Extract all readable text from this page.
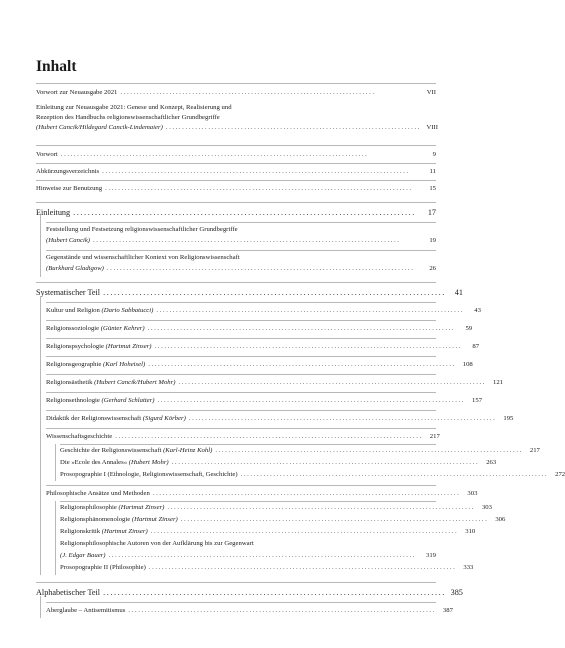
Inhalt
Vorwort zur Neuausgabe 2021 ..............................................................................	VII
Einleitung zur Neuausgabe 2021: Genese und Konzept, Realisierung und
Rezeption des Handbuchs religionswissenschaftlicher Grundbegriffe
(Hubert Cancik/Hildegard Cancik-Lindemaier) .............................................................................. VIII
Vorwort ..............................................................................................	9
Abkürzungsverzeichnis ..............................................................................................	11
Hinweise zur Benutzung ..............................................................................................	15
Einleitung ..............................................................................................	17
Feststellung und Festsetzung religionswissenschaftlicher Grundbegriffe
(Hubert Cancik) ..............................................................................................	19
Gegenstände und wissenschaftlicher Kontext von Religionswissenschaft
(Burkhard Gladigow) ..............................................................................................	26
Systematischer Teil ..............................................................................................	41
Kultur und Religion (Dario Sabbatucci) ..............................................................................................	43
Religionssoziologie (Günter Kehrer) ..............................................................................................	59
Religionspsychologie (Hartmut Zinser) ..............................................................................................	87
Religionsgeographie (Karl Hoheisel) ..............................................................................................	108
Religionsästhetik (Hubert Cancik/Hubert Mohr) ..............................................................................................	121
Religionsethnologie (Gerhard Schlatter) ..............................................................................................	157
Didaktik der Religionswissenschaft (Sigurd Körber) ..............................................................................................	195
Wissenschaftsgeschichte ..............................................................................................	217
Geschichte der Religionswissenschaft (Karl-Heinz Kohl) ..............................................................................................	217
Die »Ecole des Annales« (Hubert Mohr) ..............................................................................................	263
Prosopographie I (Ethnologie, Religionswissenschaft, Geschichte) ..............................................................................................	272
Philosophische Ansätze und Methoden ..............................................................................................	303
Religionsphilosophie (Hartmut Zinser) ..............................................................................................	303
Religionsphänomenologie (Hartmut Zinser) ..............................................................................................	306
Religionskritik (Hartmut Zinser) ..............................................................................................	310
Religionsphilosophische Autoren von der Aufklärung bis zur Gegenwart
(J. Edgar Bauer) ..............................................................................................	319
Prosopographie II (Philosophie) ..............................................................................................	333
Alphabetischer Teil .............................................................................................. 385
Aberglaube – Antisemitismus ..............................................................................................	387
